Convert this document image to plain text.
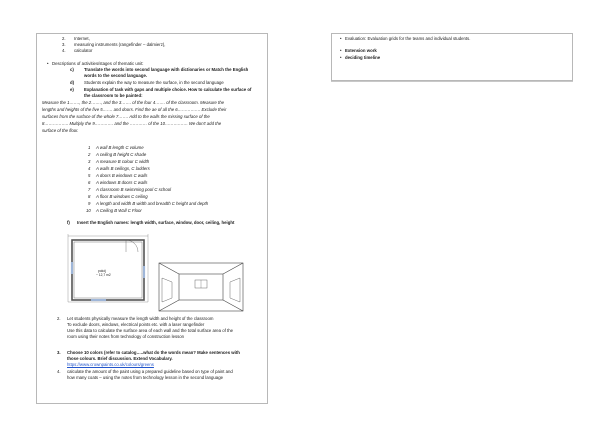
2. Internet,
3. measuring instruments (rangefinder – dalmierz),
4. calculator
• Descriptions of activities/stages of thematic unit:
c) Translate the words into second language with dictionaries or Match the English
words to the second language.
d) Students explain the way to measure the surface, in the second language
e) Explanation of task with gaps and multiple choice. How to calculate the surface of
the classroom to be painted:
Measure the 1……., the 2……., and the 3……. of the four 4……. of the classroom. Measure the
lengths and heights of the five 5……. and doors. Find the ae of all the 6……………. Exclude their
surfaces from the surface of the whole 7……. Add to the walls the missing surface of the
8…………….. Multiply the 9…………. and the ………… of the 10……………. We don't add the
surface of the floor.
1 A wall B length C volume
2 A ceiling B height C shade
3 A measure B colour C width
4 A walls B ceilings, C ladders
5 A doors B windows C walls
6 A windows B doors C walls
7 A classroom B swimming pool C school
8 A floor B windows C ceiling
9 A length and width B width and breadth C height and depth
10 A Ceiling B Wall C Floor
f) Insert the English names: length width, surface, window, door, ceiling, height
pokój
~ 12,7 m2
2. Let students physically measure the length width and height of the classroom
To exclude doors, windows, electrical points etc. with a laser rangefinder
Use this data to calculate the surface area of each wall and the total surface area of the
room using their notes from technology of construction lesson
3. Choose 10 colors (refer to catalog…..what do the words mean? Make sentences with
those colours. Brief discussion. Extend Vocabulary.
https://www.crownpaints.co.uk/colours/greens
4. calculate the amount of the paint using a prepared guideline based on type of paint and
how many coats – using the notes from technology lesson in the second language
• Evaluation: Evaluation grids for the teams and individual students.
• Extension work
• deciding timeline
